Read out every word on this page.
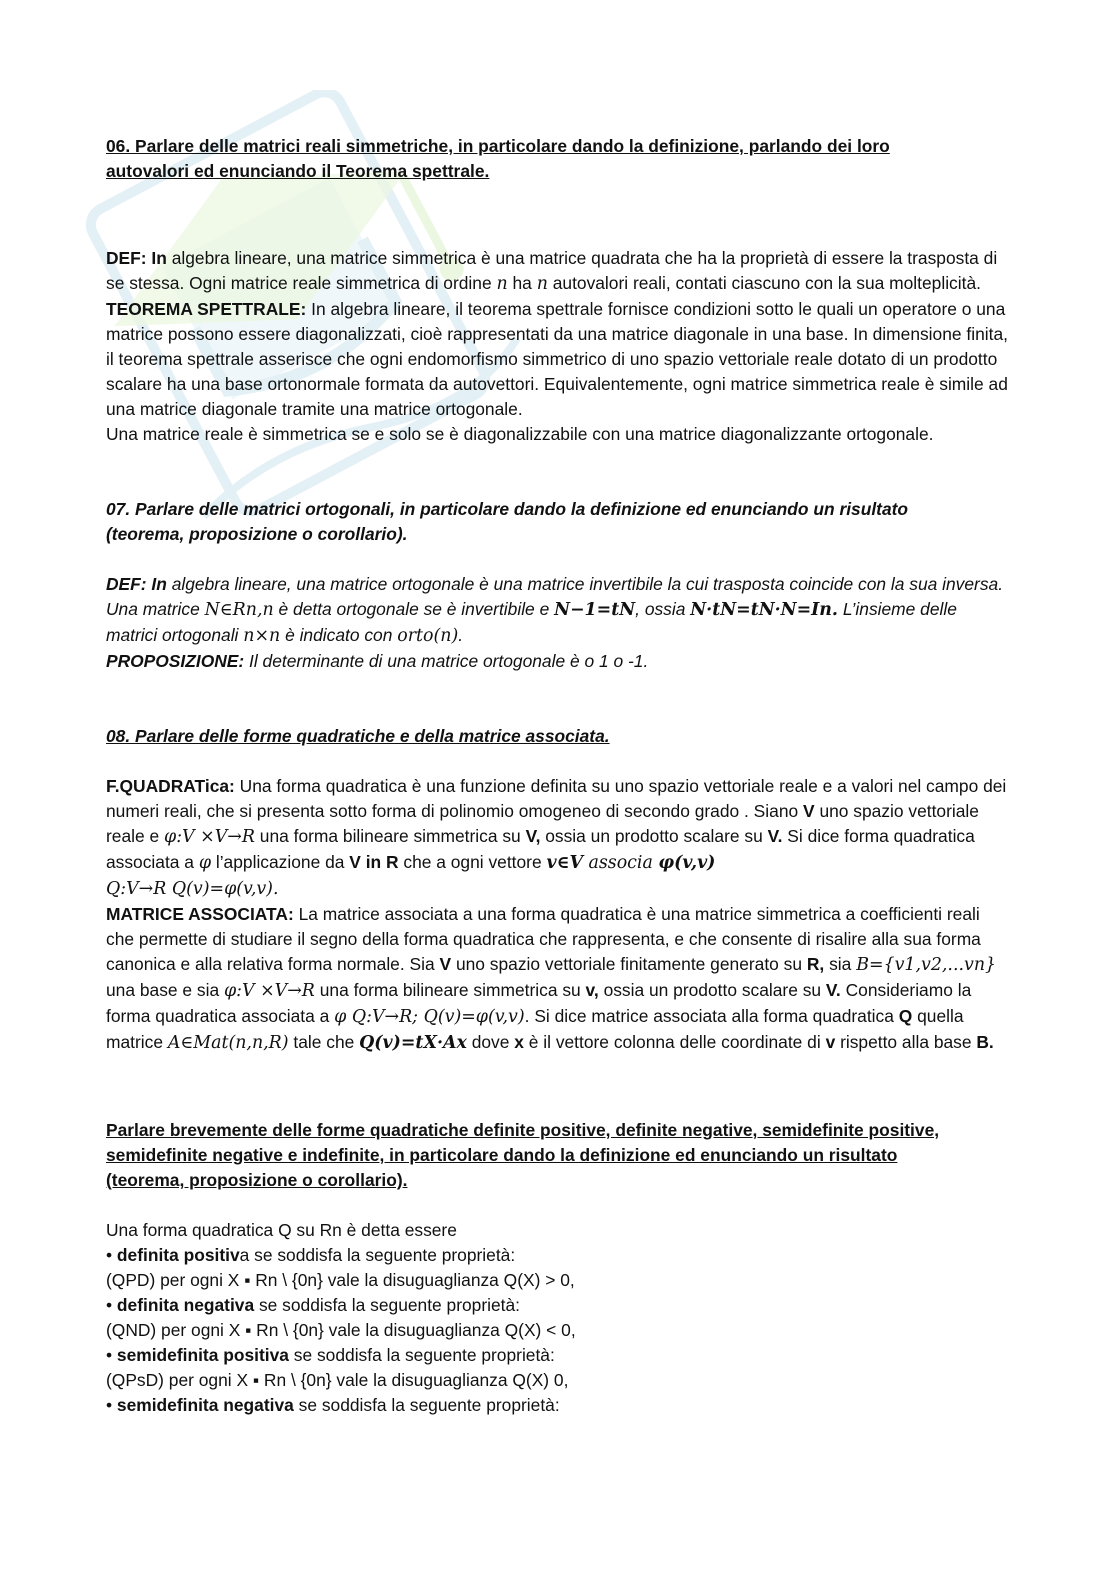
06. Parlare delle matrici reali simmetriche, in particolare dando la definizione, parlando dei loro
autovalori ed enunciando il Teorema spettrale.

DEF: In algebra lineare, una matrice simmetrica è una matrice quadrata che ha la proprietà di essere la trasposta di se stessa. Ogni matrice reale simmetrica di ordine n ha n autovalori reali, contati ciascuno con la sua molteplicità.

TEOREMA SPETTRALE: In algebra lineare, il teorema spettrale fornisce condizioni sotto le quali un operatore o una matrice possono essere diagonalizzati, cioè rappresentati da una matrice diagonale in una base. In dimensione finita, il teorema spettrale asserisce che ogni endomorfismo simmetrico di uno spazio vettoriale reale dotato di un prodotto scalare ha una base ortonormale formata da autovettori. Equivalentemente, ogni matrice simmetrica reale è simile ad una matrice diagonale tramite una matrice ortogonale.

Una matrice reale è simmetrica se e solo se è diagonalizzabile con una matrice diagonalizzante ortogonale.

07. Parlare delle matrici ortogonali, in particolare dando la definizione ed enunciando un risultato
(teorema, proposizione o corollario).

DEF: In algebra lineare, una matrice ortogonale è una matrice invertibile la cui trasposta coincide con la sua inversa. Una matrice N∈Rn,n è detta ortogonale se è invertibile e N−1=tN, ossia N·tN=tN·N=In. L’insieme delle matrici ortogonali n×n è indicato con orto(n).

PROPOSIZIONE: Il determinante di una matrice ortogonale è o 1 o -1.

08. Parlare delle forme quadratiche e della matrice associata.

F.QUADRATica: Una forma quadratica è una funzione definita su uno spazio vettoriale reale e a valori nel campo dei numeri reali, che si presenta sotto forma di polinomio omogeneo di secondo grado . Siano V uno spazio vettoriale reale e φ:V ×V→R una forma bilineare simmetrica su V, ossia un prodotto scalare su V. Si dice forma quadratica associata a φ l’applicazione da V in R che a ogni vettore v∈V associa φ(v,v)
Q:V→R Q(v)=φ(v,v).

MATRICE ASSOCIATA: La matrice associata a una forma quadratica è una matrice simmetrica a coefficienti reali che permette di studiare il segno della forma quadratica che rappresenta, e che consente di risalire alla sua forma canonica e alla relativa forma normale. Sia V uno spazio vettoriale finitamente generato su R, sia B={v1,v2,...vn} una base e sia φ:V ×V→R una forma bilineare simmetrica su v, ossia un prodotto scalare su V. Consideriamo la forma quadratica associata a φ Q:V→R; Q(v)=φ(v,v). Si dice matrice associata alla forma quadratica Q quella matrice A∈Mat(n,n,R) tale che Q(v)=tX·Ax dove x è il vettore colonna delle coordinate di v rispetto alla base B.

Parlare brevemente delle forme quadratiche definite positive, definite negative, semidefinite positive,
semidefinite negative e indefinite, in particolare dando la definizione ed enunciando un risultato
(teorema, proposizione o corollario).

Una forma quadratica Q su Rn è detta essere

• definita positiva se soddisfa la seguente proprietà:

(QPD) per ogni X ▪ Rn \ {0n} vale la disuguaglianza Q(X) > 0,

• definita negativa se soddisfa la seguente proprietà:

(QND) per ogni X ▪ Rn \ {0n} vale la disuguaglianza Q(X) < 0,

• semidefinita positiva se soddisfa la seguente proprietà:

(QPsD) per ogni X ▪ Rn \ {0n} vale la disuguaglianza Q(X) 0,

• semidefinita negativa se soddisfa la seguente proprietà:
